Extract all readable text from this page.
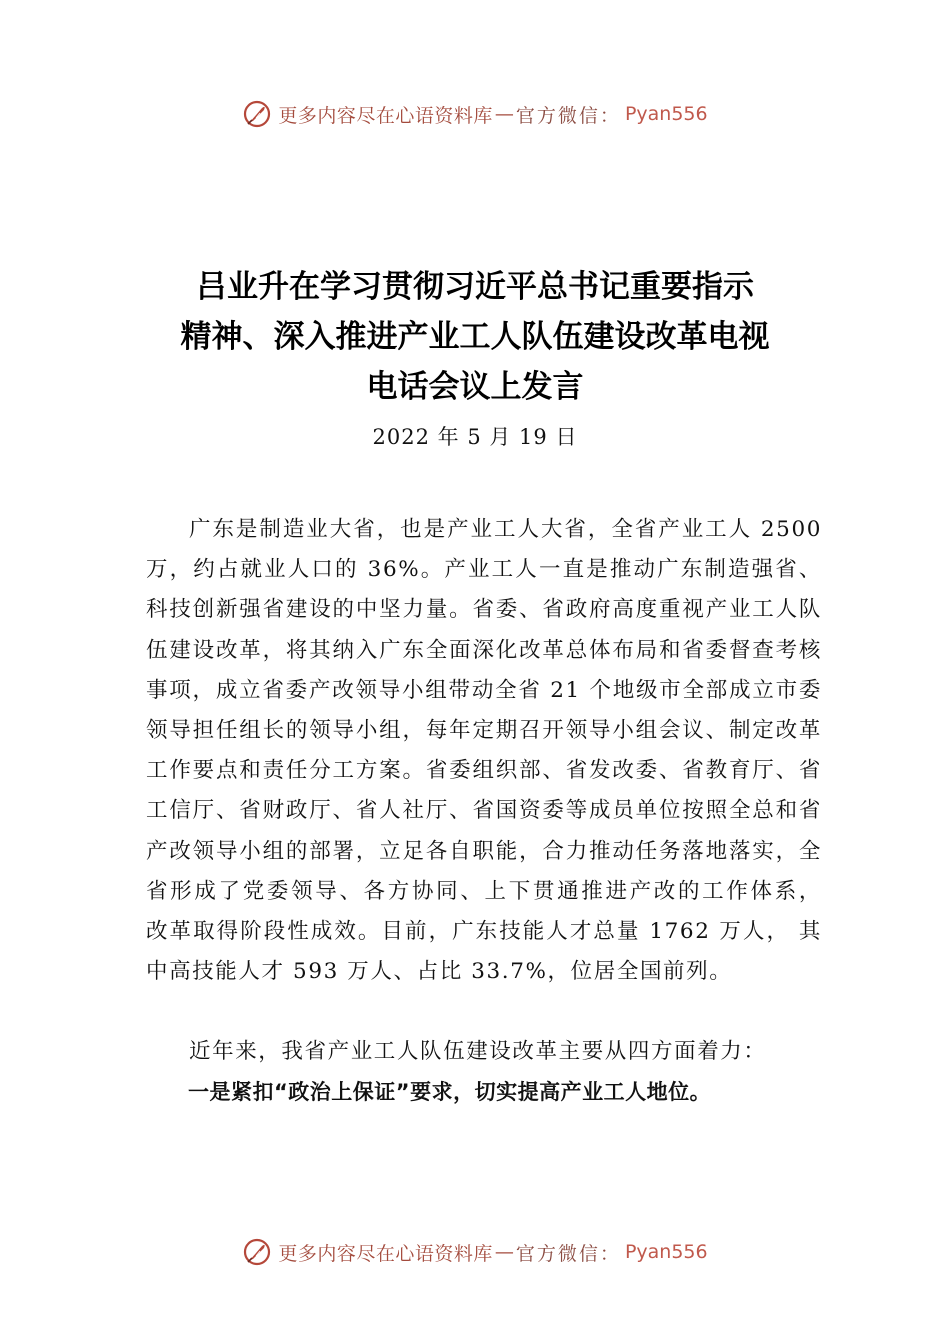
更多内容尽在心语资料库 — 官方微信： Pyan556
吕业升在学习贯彻习近平总书记重要指示
精神、深入推进产业工人队伍建设改革电视
电话会议上发言
2022 年 5 月 19 日

广东是制造业大省，也是产业工人大省，全省产业工人 2500 万，约占就业人口的 36%。产业工人一直是推动广东制造强省、科技创新强省建设的中坚力量。省委、省政府高度重视产业工人队伍建设改革，将其纳入广东全面深化改革总体布局和省委督查考核事项，成立省委产改领导小组带动全省 21 个地级市全部成立市委领导担任组长的领导小组，每年定期召开领导小组会议、制定改革工作要点和责任分工方案。省委组织部、省发改委、省教育厅、省工信厅、省财政厅、省人社厅、省国资委等成员单位按照全总和省产改领导小组的部署，立足各自职能，合力推动任务落地落实，全省形成了党委领导、各方协同、上下贯通推进产改的工作体系， 改革取得阶段性成效。目前，广东技能人才总量 1762 万人， 其中高技能人才 593 万人、占比 33.7%，位居全国前列。

近年来，我省产业工人队伍建设改革主要从四方面着力：

一是紧扣“政治上保证”要求，切实提高产业工人地位。

更多内容尽在心语资料库 — 官方微信： Pyan556
